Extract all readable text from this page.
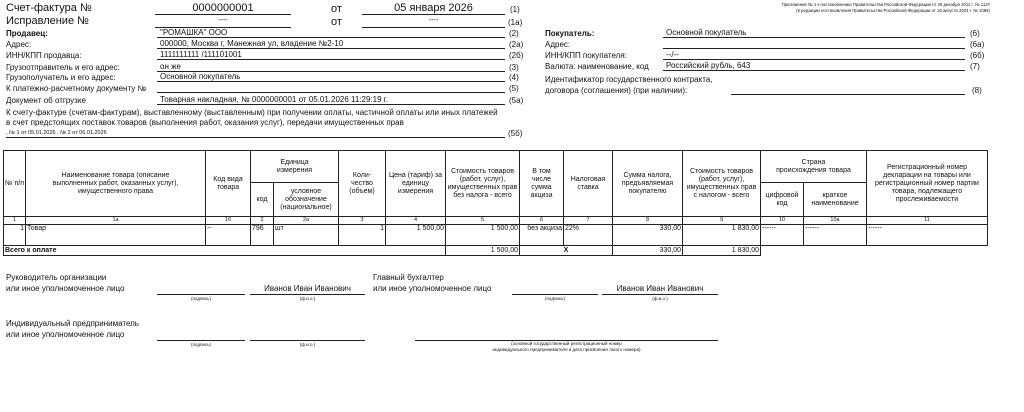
Приложение № 1 к постановлению Правительства Российской Федерации от 26 декабря 2011 г. № 1137
(в редакции постановления Правительства Российской Федерации от 16 августа 2024 г. № 1096)
Счет-фактура №	0000000001	от	05 января 2026	(1)
Исправление №	----	от	----	(1а)
Продавец:	"РОМАШКА" ООО	(2)
Адрес:	000000, Москва г, Манежная ул, владение №2-10	(2а)
ИНН/КПП продавца:	1111111111 /111101001	(2б)
Грузоотправитель и его адрес:	он же	(3)
Грузополучатель и его адрес:	Основной покупатель	(4)
К платежно-расчетному документу №	(5)
Документ об отгрузке	Товарная накладная, № 0000000001 от 05.01.2026 11:29:19 г.	(5а)
К счету-фактуре (счетам-фактурам), выставленному (выставленным) при получении оплаты, частичной оплаты или иных платежей
в счет предстоящих поставок товаров (выполнения работ, оказания услуг), передачи имущественных прав
, № 1 от 05.01.2026 , № 2 от 06.01.2026	(5б)
Покупатель:	Основной покупатель	(6)
Адрес:	(6а)
ИНН/КПП покупателя:	--/--	(6б)
Валюта: наименование, код	Российский рубль, 643	(7)
Идентификатор государственного контракта,
договора (соглашения) (при наличии):	(8)
№ п/п	Наименование товара (описание выполненных работ, оказанных услуг), имущественного права	Код вида товара	Единица измерения		Коли-чество (объем)	Цена (тариф) за единицу измерения	Стоимость товаров (работ, услуг), имущественных прав без налога - всего	В том числе сумма акциза	Налоговая ставка	Сумма налога, предъявляемая покупателю	Стоимость товаров (работ, услуг), имущественных прав с налогом - всего	Страна происхождения товара		Регистрационный номер декларации на товары или регистрационный номер партии товара, подлежащего прослеживаемости
			код	условное обозначение (национальное)								цифровой код	краткое наименование	
1	1а	1б	2	2а	3	4	5	6	7	8	9	10	10а	11
1	Товар	--	796	шт	1	1 500,00	1 500,00	без акциза	22%	330,00	1 830,00	------	------	------
Всего к оплате							1 500,00	X		330,00	1 830,00			
Руководитель организации
или иное уполномоченное лицо	Иванов Иван Иванович
(подпись)	(ф.и.о.)
Главный бухгалтер
или иное уполномоченное лицо	Иванов Иван Иванович
(подпись)	(ф.и.о.)
Индивидуальный предприниматель
или иное уполномоченное лицо
(подпись)	(ф.и.о.)	(основной государственный регистрационный номер
индивидуального предпринимателя и дата присвоения такого номера)
